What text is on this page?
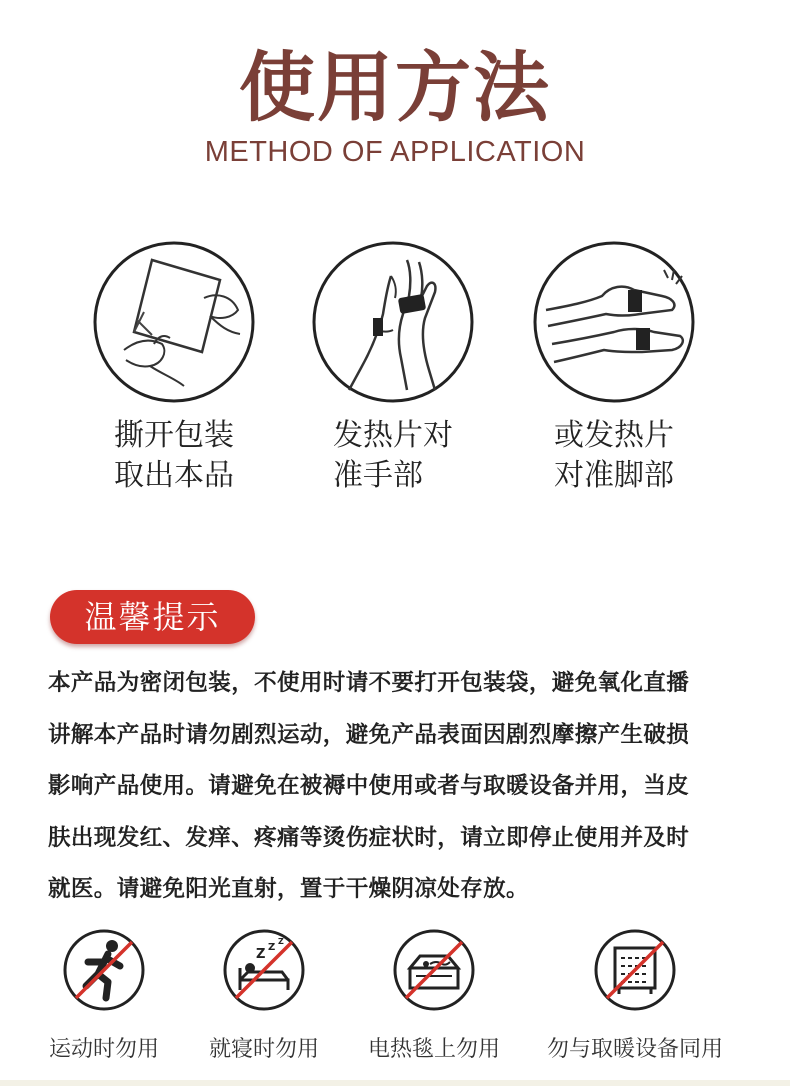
使用方法
METHOD OF APPLICATION
撕开包装
取出本品
发热片对
准手部
或发热片
对准脚部
温馨提示
本产品为密闭包装，不使用时请不要打开包装袋，避免氧化直播
讲解本产品时请勿剧烈运动，避免产品表面因剧烈摩擦产生破损
影响产品使用。请避免在被褥中使用或者与取暖设备并用，当皮
肤出现发红、发痒、疼痛等烫伤症状时，请立即停止使用并及时
就医。请避免阳光直射，置于干燥阴凉处存放。
运动时勿用
Z Z
Z
就寝时勿用	电热毯上勿用	勿与取暖设备同用
